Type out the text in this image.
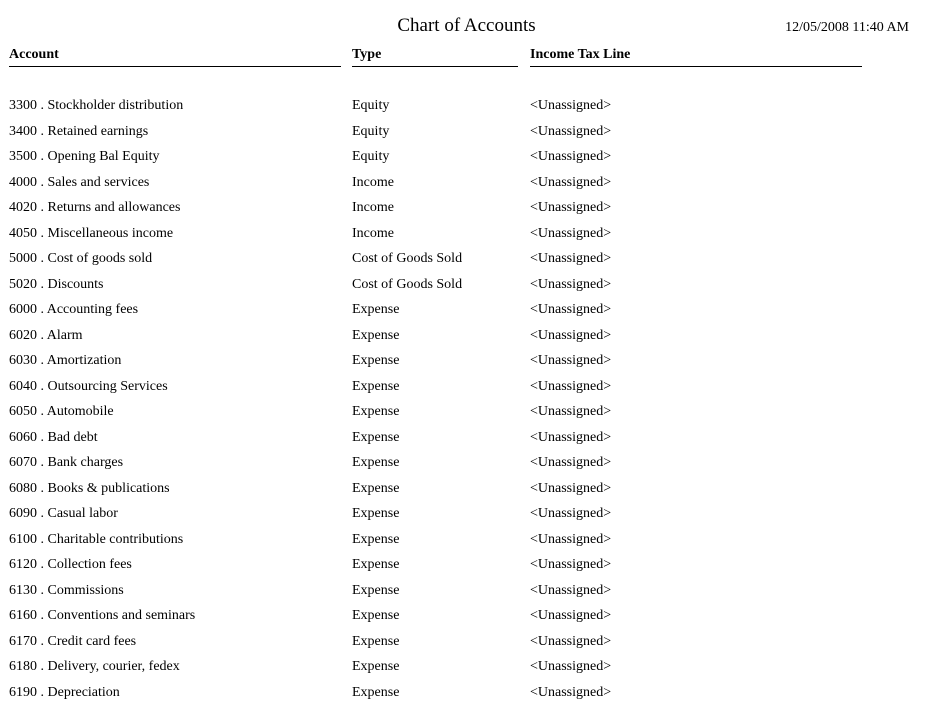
Chart of Accounts	12/05/2008 11:40 AM
Account	Type	Income Tax Line
3300 . Stockholder distribution	Equity	<Unassigned>
3400 . Retained earnings	Equity	<Unassigned>
3500 . Opening Bal Equity	Equity	<Unassigned>
4000 . Sales and services	Income	<Unassigned>
4020 . Returns and allowances	Income	<Unassigned>
4050 . Miscellaneous income	Income	<Unassigned>
5000 . Cost of goods sold	Cost of Goods Sold	<Unassigned>
5020 . Discounts	Cost of Goods Sold	<Unassigned>
6000 . Accounting fees	Expense	<Unassigned>
6020 . Alarm	Expense	<Unassigned>
6030 . Amortization	Expense	<Unassigned>
6040 . Outsourcing Services	Expense	<Unassigned>
6050 . Automobile	Expense	<Unassigned>
6060 . Bad debt	Expense	<Unassigned>
6070 . Bank charges	Expense	<Unassigned>
6080 . Books & publications	Expense	<Unassigned>
6090 . Casual labor	Expense	<Unassigned>
6100 . Charitable contributions	Expense	<Unassigned>
6120 . Collection fees	Expense	<Unassigned>
6130 . Commissions	Expense	<Unassigned>
6160 . Conventions and seminars	Expense	<Unassigned>
6170 . Credit card fees	Expense	<Unassigned>
6180 . Delivery, courier, fedex	Expense	<Unassigned>
6190 . Depreciation	Expense	<Unassigned>
